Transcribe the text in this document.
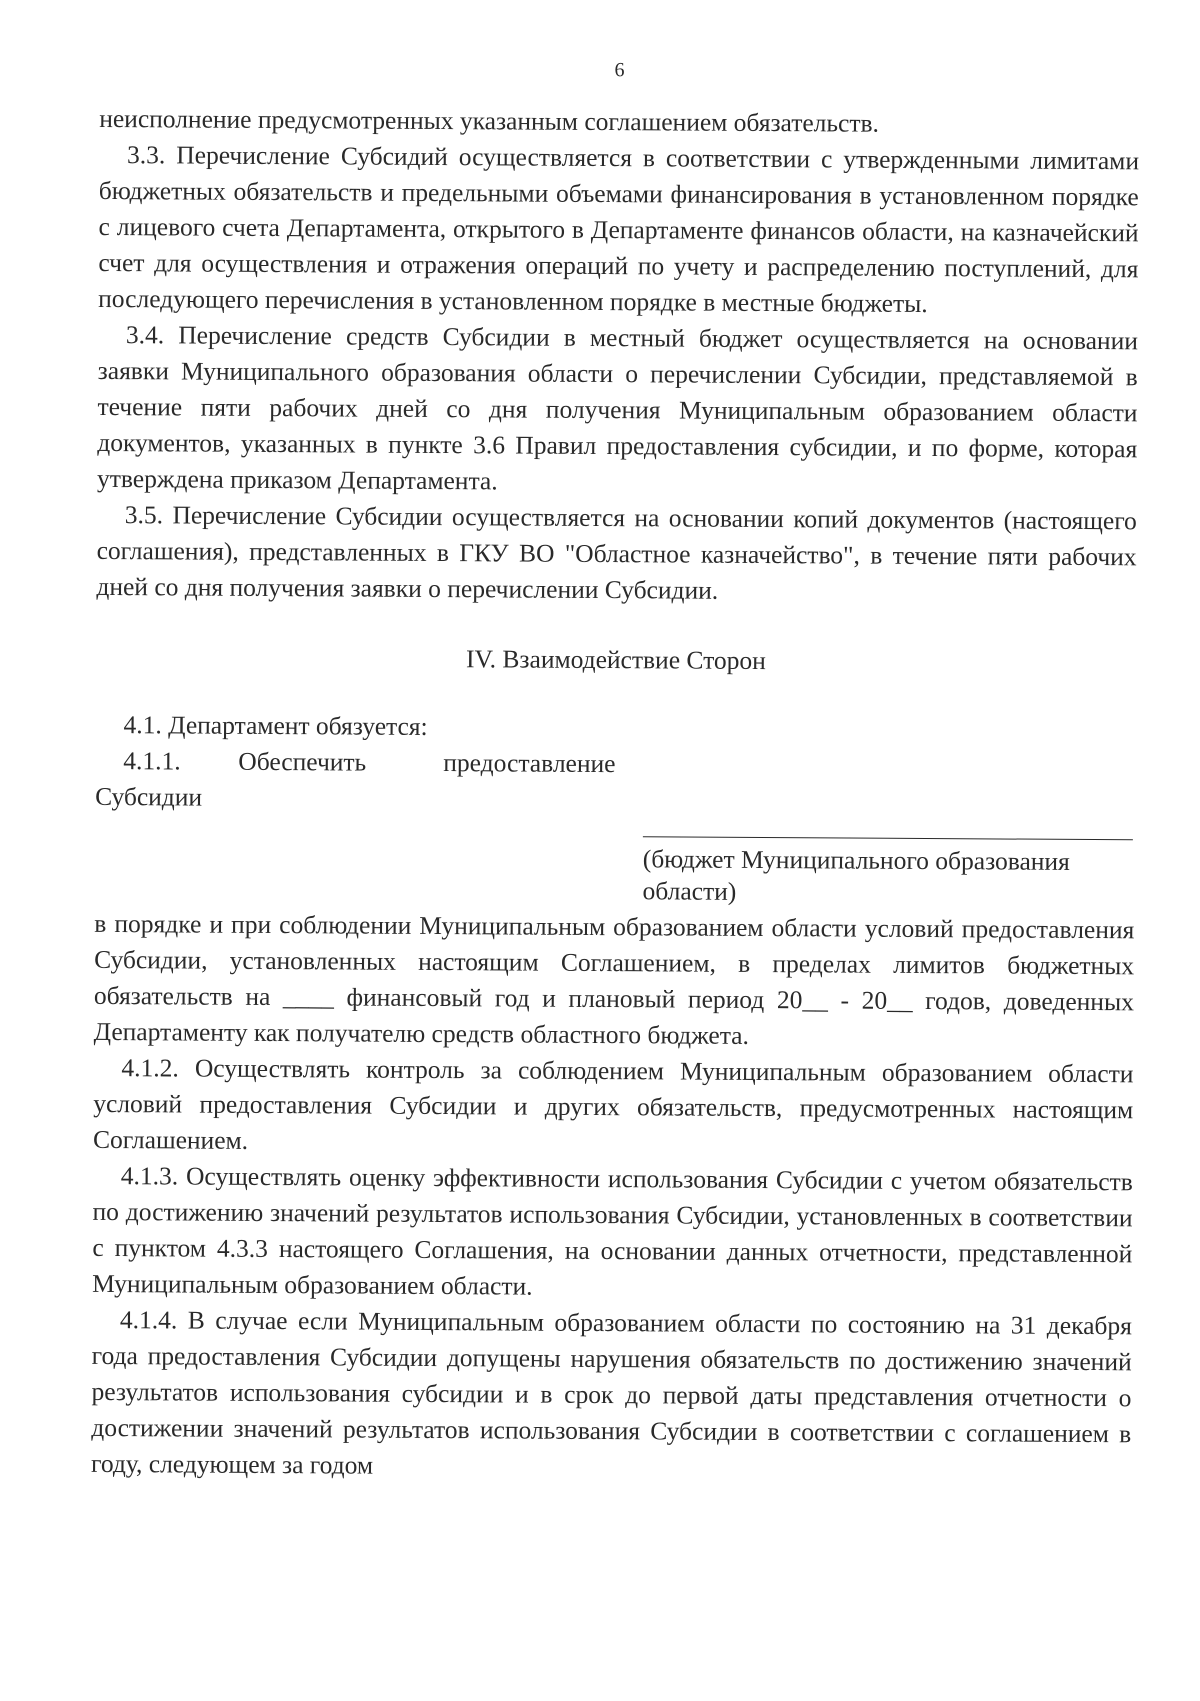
6

неисполнение предусмотренных указанным соглашением обязательств.

3.3. Перечисление Субсидий осуществляется в соответствии с утвержденными лимитами бюджетных обязательств и предельными объемами финансирования в установленном порядке с лицевого счета Департамента, открытого в Департаменте финансов области, на казначейский счет для осуществления и отражения операций по учету и распределению поступлений, для последующего перечисления в установленном порядке в местные бюджеты.

3.4. Перечисление средств Субсидии в местный бюджет осуществляется на основании заявки Муниципального образования области о перечислении Субсидии, представляемой в течение пяти рабочих дней со дня получения Муниципальным образованием области документов, указанных в пункте 3.6 Правил предоставления субсидии, и по форме, которая утверждена приказом Департамента.

3.5. Перечисление Субсидии осуществляется на основании копий документов (настоящего соглашения), представленных в ГКУ ВО "Областное казначейство", в течение пяти рабочих дней со дня получения заявки о перечислении Субсидии.

IV. Взаимодействие Сторон

4.1. Департамент обязуется:

4.1.1.	Обеспечить	предоставление

Субсидии

(бюджет Муниципального образования области)

в порядке и при соблюдении Муниципальным образованием области условий предоставления Субсидии, установленных настоящим Соглашением, в пределах лимитов бюджетных обязательств на ____ финансовый год и плановый период 20__ - 20__ годов, доведенных Департаменту как получателю средств областного бюджета.

4.1.2. Осуществлять контроль за соблюдением Муниципальным образованием области условий предоставления Субсидии и других обязательств, предусмотренных настоящим Соглашением.

4.1.3. Осуществлять оценку эффективности использования Субсидии с учетом обязательств по достижению значений результатов использования Субсидии, установленных в соответствии с пунктом 4.3.3 настоящего Соглашения, на основании данных отчетности, представленной Муниципальным образованием области.

4.1.4. В случае если Муниципальным образованием области по состоянию на 31 декабря года предоставления Субсидии допущены нарушения обязательств по достижению значений результатов использования субсидии и в срок до первой даты представления отчетности о достижении значений результатов использования Субсидии в соответствии с соглашением в году, следующем за годом
